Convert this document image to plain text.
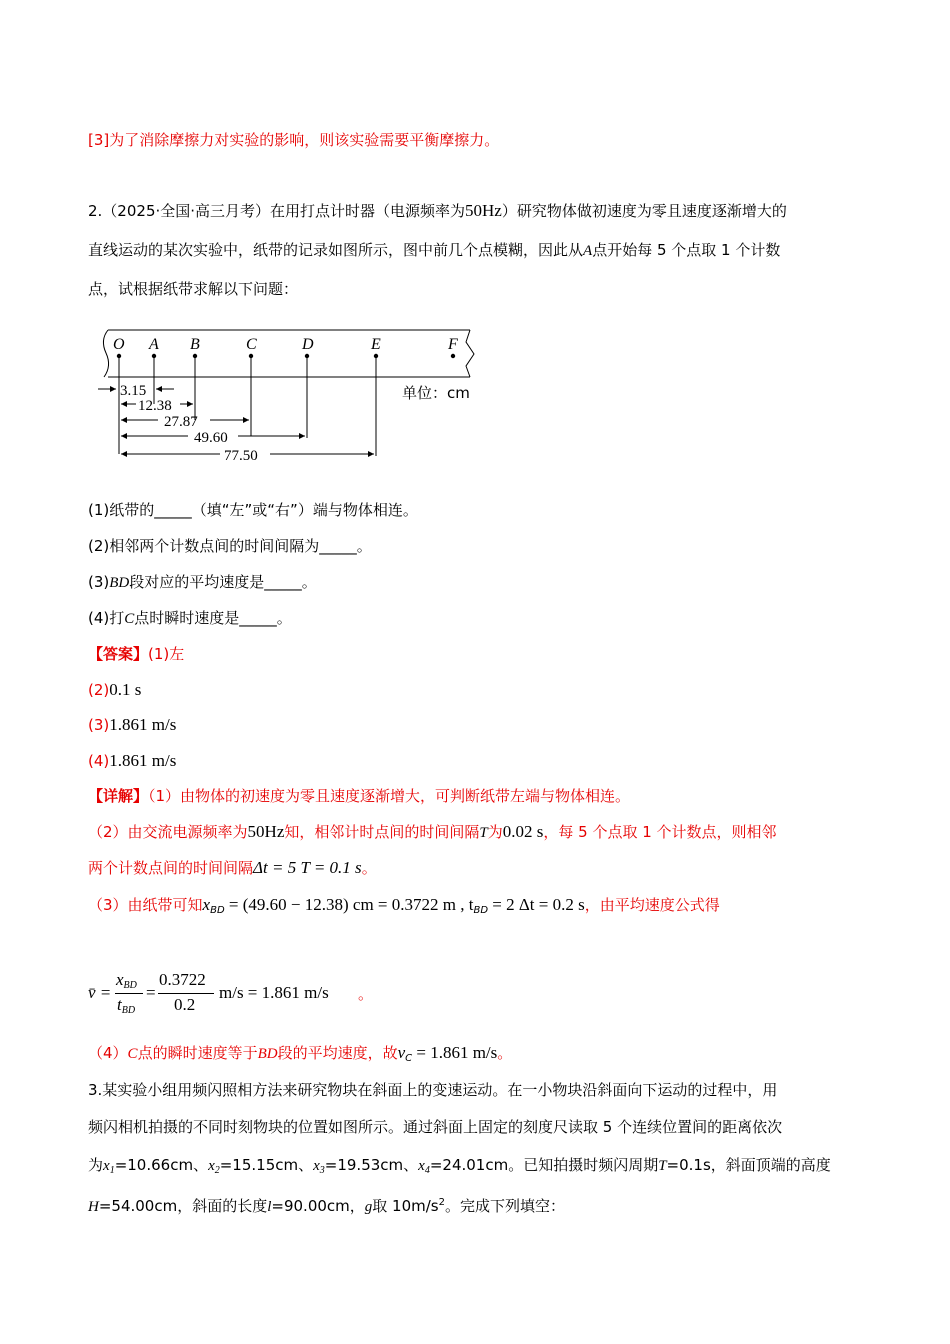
[3]为了消除摩擦力对实验的影响，则该实验需要平衡摩擦力。
2.（2025·全国·高三月考）在用打点计时器（电源频率为50Hz）研究物体做初速度为零且速度逐渐增大的
直线运动的某次实验中，纸带的记录如图所示，图中前几个点模糊，因此从A点开始每 5 个点取 1 个计数
点，试根据纸带求解以下问题：
O A B	C	D	E	F
3.15
12.38
27.87
49.60
77.50
单位：cm
(1)纸带的_____（填“左”或“右”）端与物体相连。
(2)相邻两个计数点间的时间间隔为_____。
(3)BD段对应的平均速度是_____。
(4)打C点时瞬时速度是_____。
【答案】(1)左
(2)0.1 s
(3)1.861 m/s
(4)1.861 m/s
【详解】（1）由物体的初速度为零且速度逐渐增大，可判断纸带左端与物体相连。
（2）由交流电源频率为50Hz知，相邻计时点间的时间间隔T为0.02 s，每 5 个点取 1 个计数点，则相邻
两个计数点间的时间间隔Δt = 5 T = 0.1 s。
（3）由纸带可知$x_{BD} = (49.60 - 12.38)$ cm = 0.3722 m , $t_{BD} = 2$ Δt = 0.2 s，由平均速度公式得
v̄ =
$x_{BD}$
$t_{BD}$
=
0.3722
0.2
m/s = 1.861 m/s 。
（4）C点的瞬时速度等于BD段的平均速度，故$v_C = 1.861$ m/s。
3.某实验小组用频闪照相方法来研究物块在斜面上的变速运动。在一小物块沿斜面向下运动的过程中，用
频闪相机拍摄的不同时刻物块的位置如图所示。通过斜面上固定的刻度尺读取 5 个连续位置间的距离依次
为$x_1=10.66cm$、$x_2=15.15cm$、$x_3=19.53cm$、$x_4=24.01cm$。已知拍摄时频闪周期T=0.1s，斜面顶端的高度
H=54.00cm，斜面的长度l=90.00cm，g取 $10m/s^2$。完成下列填空：
